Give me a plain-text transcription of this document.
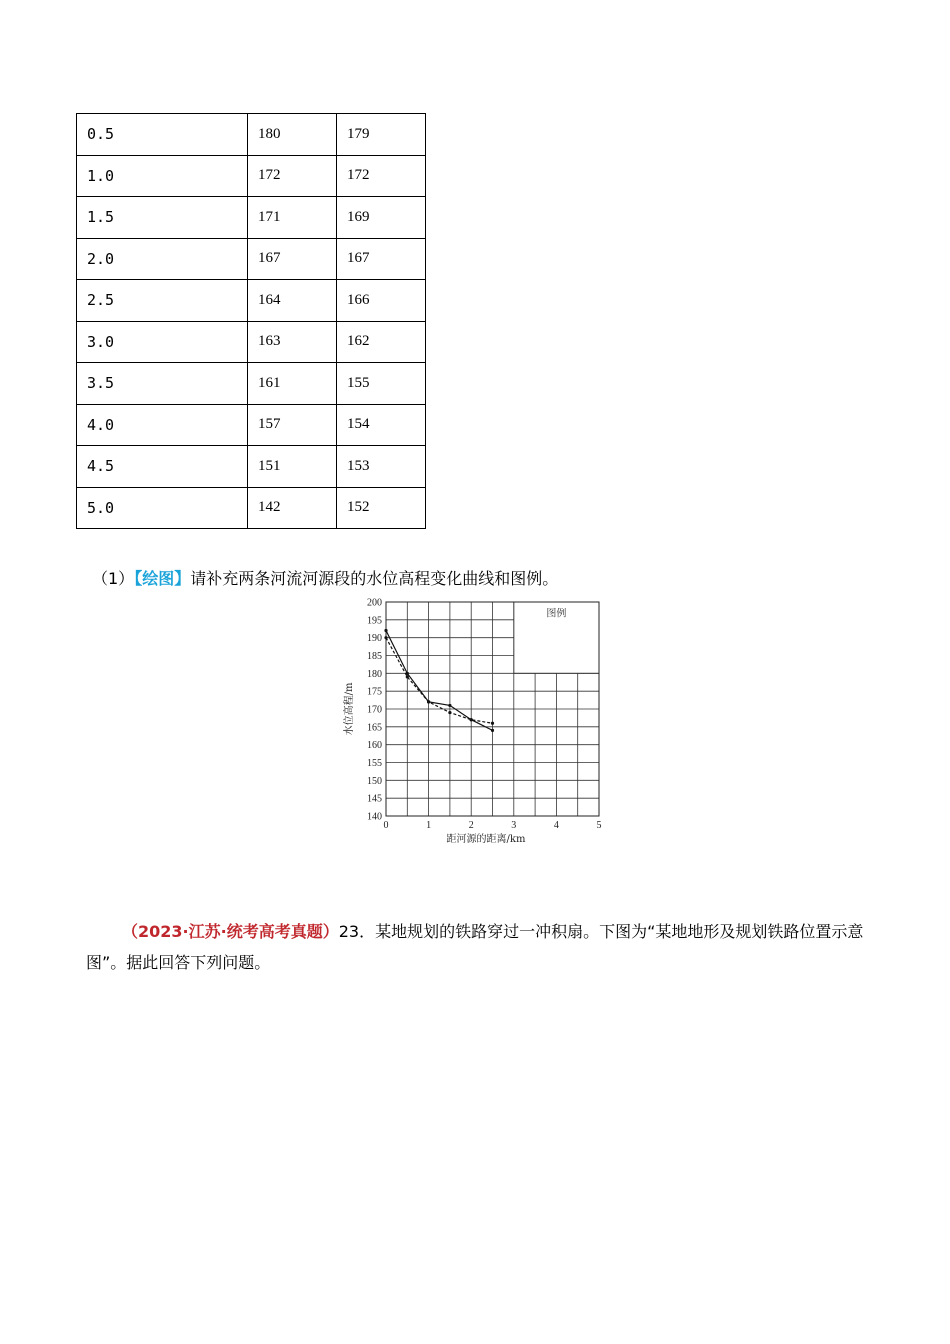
0.5	180	179
1.0	172	172
1.5	171	169
2.0	167	167
2.5	164	166
3.0	163	162
3.5	161	155
4.0	157	154
4.5	151	153
5.0	142	152
（1）【绘图】请补充两条河流河源段的水位高程变化曲线和图例。
图例
140
145
150
155
160
165
170
175
180
185
190
195
200
0	1	2	3	4	5
距河源的距离/km
水位高程/m
（2023·江苏·统考高考真题）23．某地规划的铁路穿过一冲积扇。下图为“某地地形及规划铁路位置示意图”。据此回答下列问题。
